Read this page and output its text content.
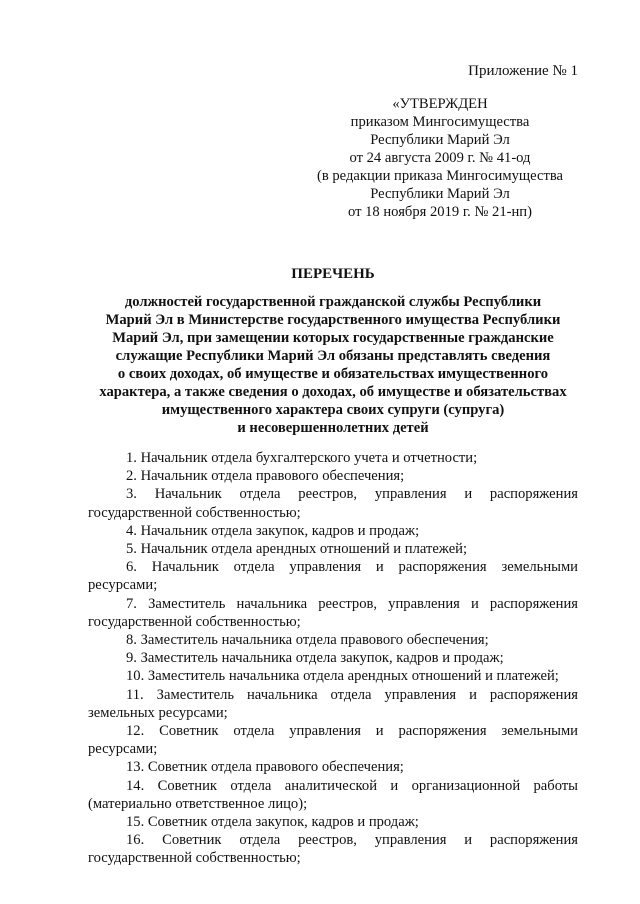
Приложение № 1
«УТВЕРЖДЕН
приказом Мингосимущества
Республики Марий Эл
от 24 августа 2009 г. № 41-од
(в редакции приказа Мингосимущества
Республики Марий Эл
от 18 ноября 2019 г. № 21-нп)
ПЕРЕЧЕНЬ
должностей государственной гражданской службы Республики
Марий Эл в Министерстве государственного имущества Республики
Марий Эл, при замещении которых государственные гражданские
служащие Республики Марий Эл обязаны представлять сведения
о своих доходах, об имуществе и обязательствах имущественного
характера, а также сведения о доходах, об имуществе и обязательствах
имущественного характера своих супруги (супруга)
и несовершеннолетних детей
1. Начальник отдела бухгалтерского учета и отчетности;
2. Начальник отдела правового обеспечения;
3. Начальник отдела реестров, управления и распоряжения
государственной собственностью;
4. Начальник отдела закупок, кадров и продаж;
5. Начальник отдела арендных отношений и платежей;
6. Начальник отдела управления и распоряжения земельными
ресурсами;
7. Заместитель начальника реестров, управления и распоряжения
государственной собственностью;
8. Заместитель начальника отдела правового обеспечения;
9. Заместитель начальника отдела закупок, кадров и продаж;
10. Заместитель начальника отдела арендных отношений и платежей;
11. Заместитель начальника отдела управления и распоряжения
земельных ресурсами;
12. Советник отдела управления и распоряжения земельными
ресурсами;
13. Советник отдела правового обеспечения;
14. Советник отдела аналитической и организационной работы
(материально ответственное лицо);
15. Советник отдела закупок, кадров и продаж;
16. Советник отдела реестров, управления и распоряжения
государственной собственностью;
